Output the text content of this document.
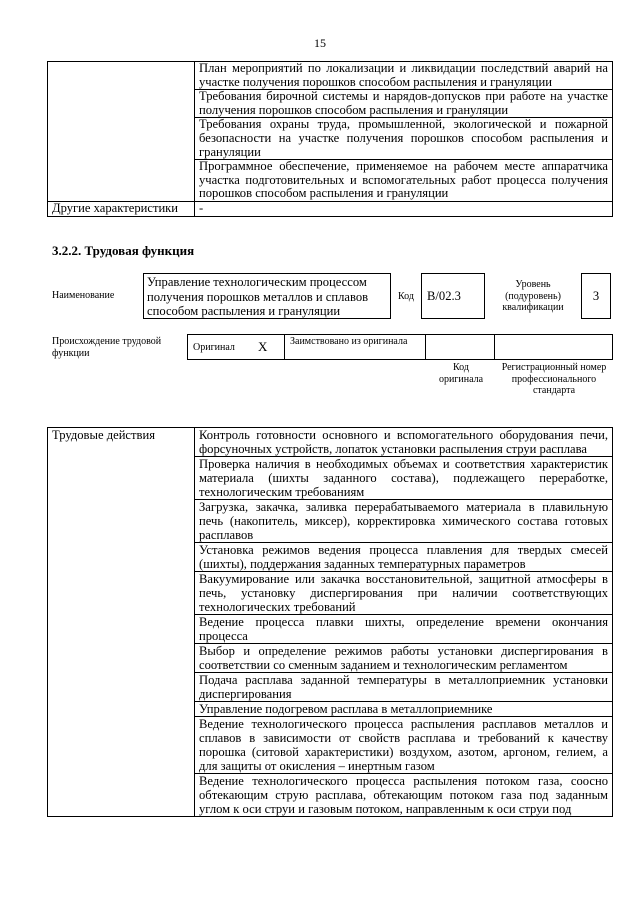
15
	План мероприятий по локализации и ликвидации последствий аварий на участке получения порошков способом распыления и грануляции
	Требования бирочной системы и нарядов-допусков при работе на участке получения порошков способом распыления и грануляции
	Требования охраны труда, промышленной, экологической и пожарной безопасности на участке получения порошков способом распыления и грануляции
	Программное обеспечение, применяемое на рабочем месте аппаратчика участка подготовительных и вспомогательных работ процесса получения порошков способом распыления и грануляции
Другие характеристики	-
3.2.2. Трудовая функция
Наименование
Управление технологическим процессом получения порошков металлов и сплавов способом распыления и грануляции
Код	B/02.3
Уровень (подуровень) квалификации
3
Происхождение трудовой функции	Оригинал X Заимствовано из оригинала
Код оригинала
Регистрационный номер профессионального стандарта
Трудовые действия	Контроль готовности основного и вспомогательного оборудования печи, форсуночных устройств, лопаток установки распыления струи расплава
Проверка наличия в необходимых объемах и соответствия характеристик материала (шихты заданного состава), подлежащего переработке, технологическим требованиям
Загрузка, закачка, заливка перерабатываемого материала в плавильную печь (накопитель, миксер), корректировка химического состава готовых расплавов
Установка режимов ведения процесса плавления для твердых смесей (шихты), поддержания заданных температурных параметров
Вакуумирование или закачка восстановительной, защитной атмосферы в печь, установку диспергирования при наличии соответствующих технологических требований
Ведение процесса плавки шихты, определение времени окончания процесса
Выбор и определение режимов работы установки диспергирования в соответствии со сменным заданием и технологическим регламентом
Подача расплава заданной температуры в металлоприемник установки диспергирования
Управление подогревом расплава в металлоприемнике
Ведение технологического процесса распыления расплавов металлов и сплавов в зависимости от свойств расплава и требований к качеству порошка (ситовой характеристики) воздухом, азотом, аргоном, гелием, а для защиты от окисления – инертным газом
Ведение технологического процесса распыления потоком газа, соосно обтекающим струю расплава, обтекающим потоком газа под заданным углом к оси струи и газовым потоком, направленным к оси струи под
